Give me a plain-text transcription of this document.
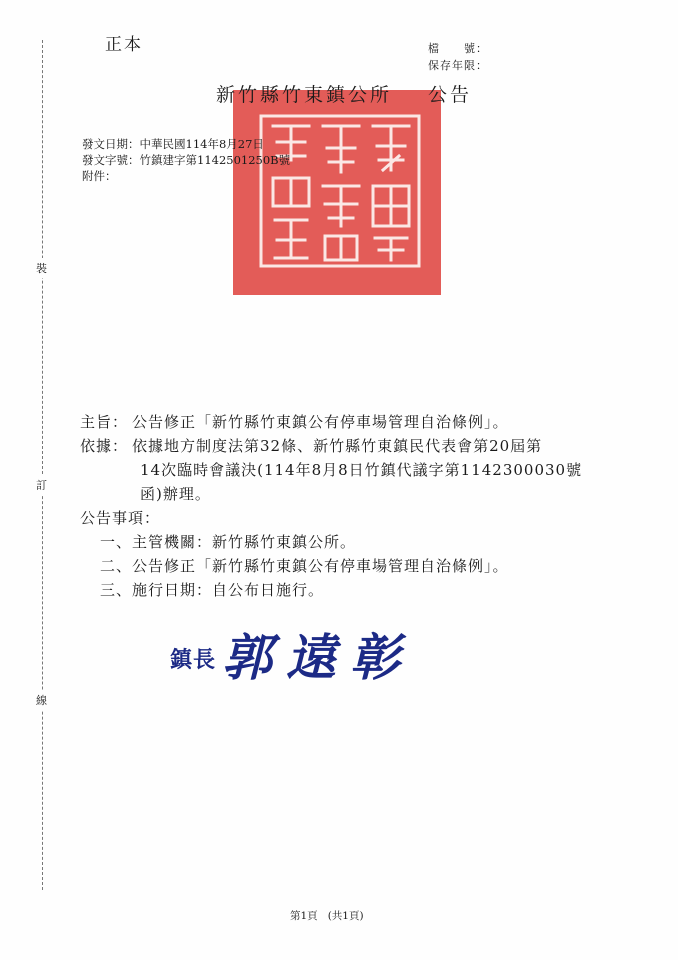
正本	檔　　號：
保存年限：
裝
訂
線
新竹縣竹東鎮公所 公告
發文日期：中華民國114年8月27日
發文字號：竹鎮建字第1142501250B號
附件：
主旨： 公告修正「新竹縣竹東鎮公有停車場管理自治條例」。
依據： 依據地方制度法第32條、新竹縣竹東鎮民代表會第20屆第
14次臨時會議決(114年8月8日竹鎮代議字第1142300030號
函)辦理。
公告事項：
一、主管機關：新竹縣竹東鎮公所。
二、公告修正「新竹縣竹東鎮公有停車場管理自治條例」。
三、施行日期：自公布日施行。
鎮長 郭遠彰
第1頁 (共1頁)
